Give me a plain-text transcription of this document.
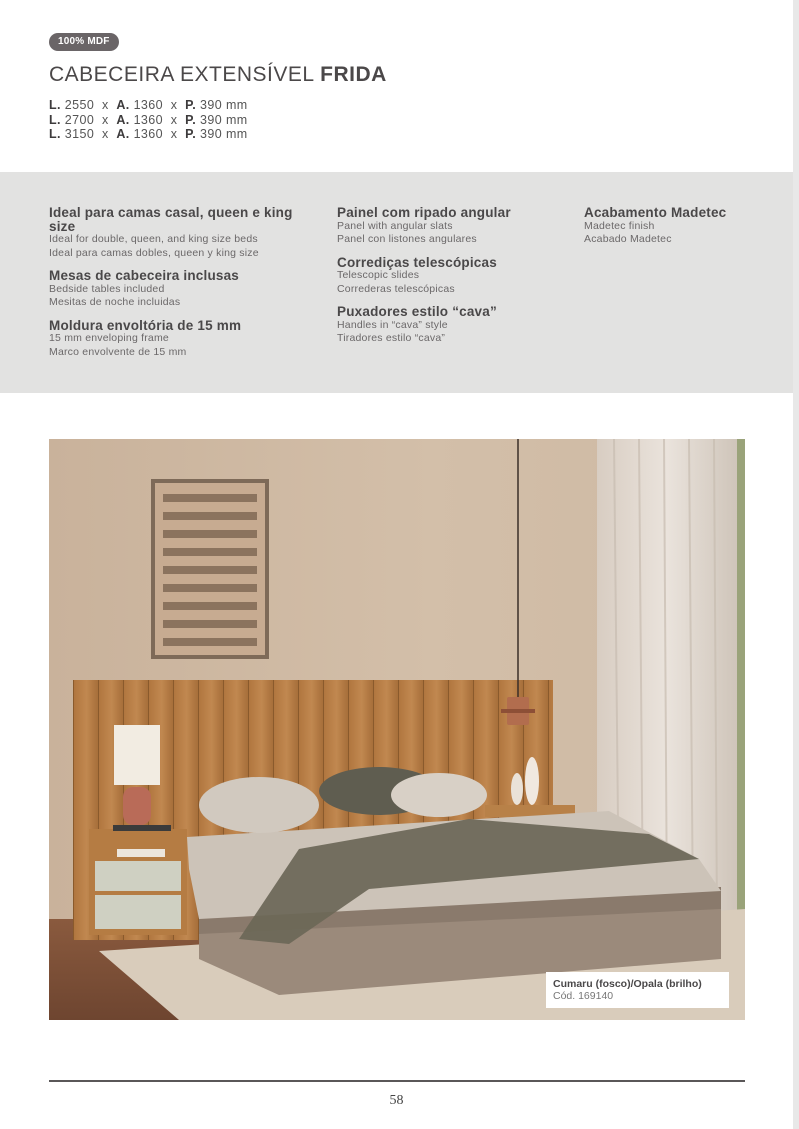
100% MDF
CABECEIRA EXTENSÍVEL FRIDA
L. 2550 x A. 1360 x P. 390 mm
L. 2700 x A. 1360 x P. 390 mm
L. 3150 x A. 1360 x P. 390 mm
Ideal para camas casal, queen e king size
Ideal for double, queen, and king size beds
Ideal para camas dobles, queen y king size
Mesas de cabeceira inclusas
Bedside tables included
Mesitas de noche incluidas
Moldura envoltória de 15 mm
15 mm enveloping frame
Marco envolvente de 15 mm
Painel com ripado angular
Panel with angular slats
Panel con listones angulares
Corrediças telescópicas
Telescopic slides
Correderas telescópicas
Puxadores estilo “cava”
Handles in “cava” style
Tiradores estilo “cava”
Acabamento Madetec
Madetec finish
Acabado Madetec
Cumaru (fosco)/Opala (brilho)
Cód. 169140
58
